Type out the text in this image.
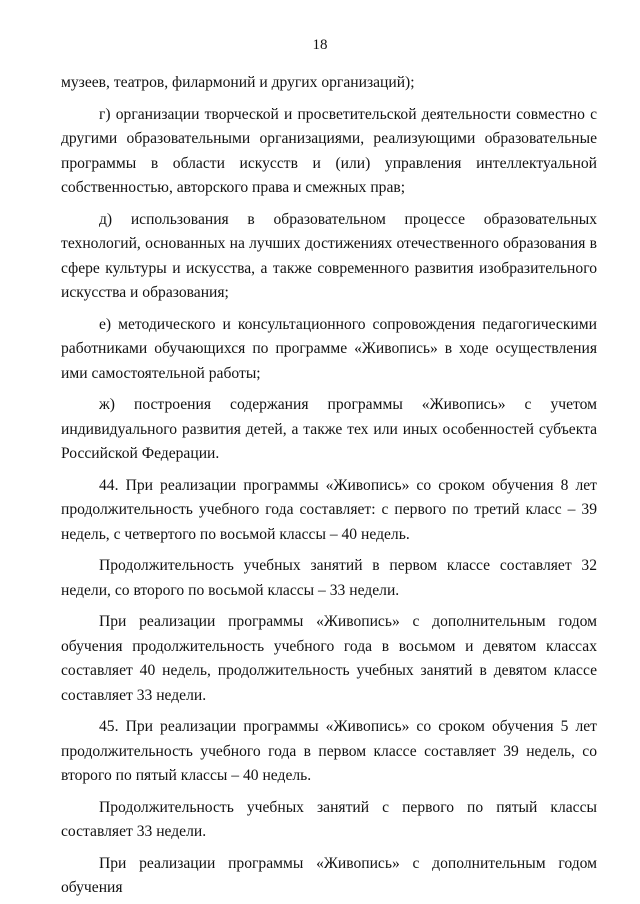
18

музеев, театров, филармоний и других организаций);

г) организации творческой и просветительской деятельности совместно с другими образовательными организациями, реализующими образовательные программы в области искусств и (или) управления интеллектуальной собственностью, авторского права и смежных прав;

д) использования в образовательном процессе образовательных технологий, основанных на лучших достижениях отечественного образования в сфере культуры и искусства, а также современного развития изобразительного искусства и образования;

е) методического и консультационного сопровождения педагогическими работниками обучающихся по программе «Живопись» в ходе осуществления ими самостоятельной работы;

ж) построения содержания программы «Живопись» с учетом индивидуального развития детей, а также тех или иных особенностей субъекта Российской Федерации.

44. При реализации программы «Живопись» со сроком обучения 8 лет продолжительность учебного года составляет: с первого по третий класс – 39 недель, с четвертого по восьмой классы – 40 недель.

Продолжительность учебных занятий в первом классе составляет 32 недели, со второго по восьмой классы – 33 недели.

При реализации программы «Живопись» с дополнительным годом обучения продолжительность учебного года в восьмом и девятом классах составляет 40 недель, продолжительность учебных занятий в девятом классе составляет 33 недели.

45. При реализации программы «Живопись» со сроком обучения 5 лет продолжительность учебного года в первом классе составляет 39 недель, со второго по пятый классы – 40 недель.

Продолжительность учебных занятий с первого по пятый классы составляет 33 недели.

При реализации программы «Живопись» с дополнительным годом обучения
